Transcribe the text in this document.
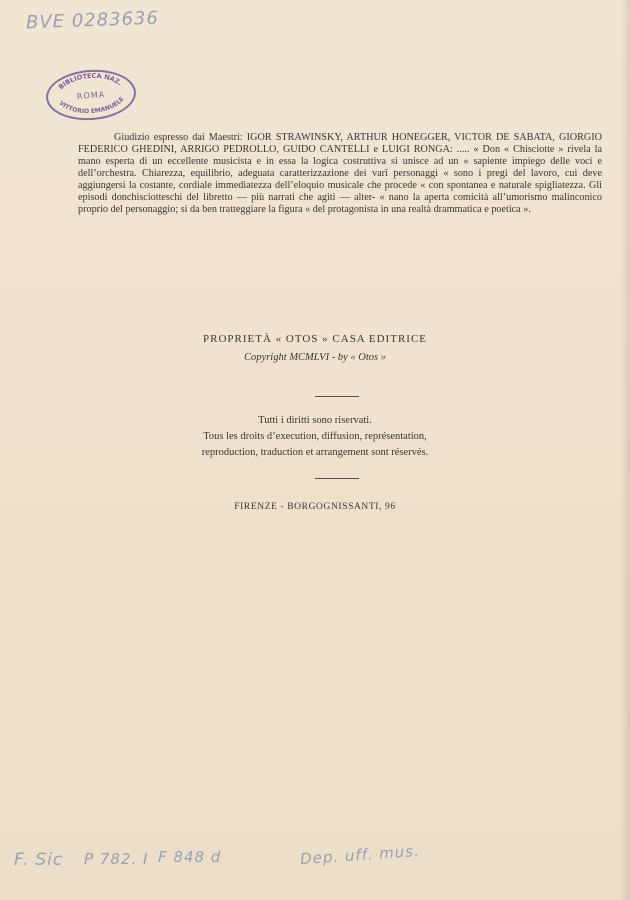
BVE 0283636
BIBLIOTECA NAZ.
ROMA
VITTORIO EMANUELE
Giudizio espresso dai Maestri: IGOR STRAWINSKY, ARTHUR HONEGGER, VICTOR DE SABATA, GIORGIO FEDERICO GHEDINI, ARRIGO PEDROLLO, GUIDO CANTELLI e LUIGI RONGA: ..... « Don « Chisciotte » rivela la mano esperta di un eccellente musicista e in essa la logica costruttiva si unisce ad un « sapiente impiego delle voci e dell’orchestra. Chiarezza, equilibrio, adeguata caratterizzazione dei varî personaggi « sono i pregi del lavoro, cui deve aggiungersi la costante, cordiale immediatezza dell’eloquio musicale che procede « con spontanea e naturale spigliatezza. Gli episodi donchisciotteschi del libretto — più narrati che agiti — alter- « nano la aperta comicità all’umorismo malinconico proprio del personaggio; si da ben tratteggiare la figura « del protagonista in una realtà drammatica e poetica ».
PROPRIETÀ « OTOS » CASA EDITRICE
Copyright MCMLVI - by « Otos »
Tutti i diritti sono riservati.
Tous les droits d’execution, diffusion, représentation,
reproduction, traduction et arrangement sont réservés.
FIRENZE - BORGOGNISSANTI, 96
F. Sic P 782. I F 848 d	Dep. uff. mus.
